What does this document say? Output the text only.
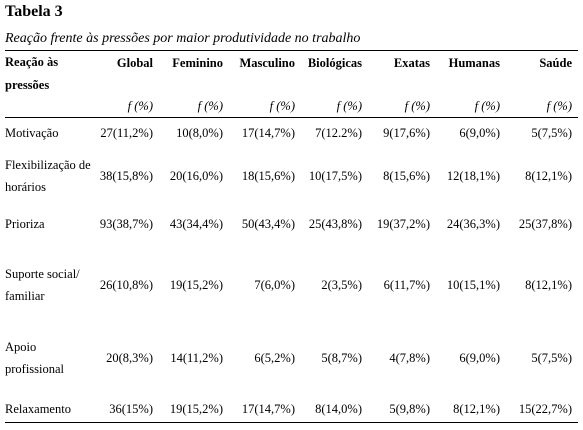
Tabela 3
Reação frente às pressões por maior produtividade no trabalho
Reação às pressões	Global	Feminino	Masculino	Biológicas	Exatas	Humanas	Saúde
	f (%)	f (%)	f (%)	f (%)	f (%)	f (%)	f (%)
Motivação	27(11,2%)	10(8,0%)	17(14,7%)	7(12.2%)	9(17,6%)	6(9,0%)	5(7,5%)
Flexibilização de horários	38(15,8%)	20(16,0%)	18(15,6%)	10(17,5%)	8(15,6%)	12(18,1%)	8(12,1%)
Prioriza	93(38,7%)	43(34,4%)	50(43,4%)	25(43,8%)	19(37,2%)	24(36,3%)	25(37,8%)
Suporte social/ familiar	26(10,8%)	19(15,2%)	7(6,0%)	2(3,5%)	6(11,7%)	10(15,1%)	8(12,1%)
Apoio profissional	20(8,3%)	14(11,2%)	6(5,2%)	5(8,7%)	4(7,8%)	6(9,0%)	5(7,5%)
Relaxamento	36(15%)	19(15,2%)	17(14,7%)	8(14,0%)	5(9,8%)	8(12,1%)	15(22,7%)
